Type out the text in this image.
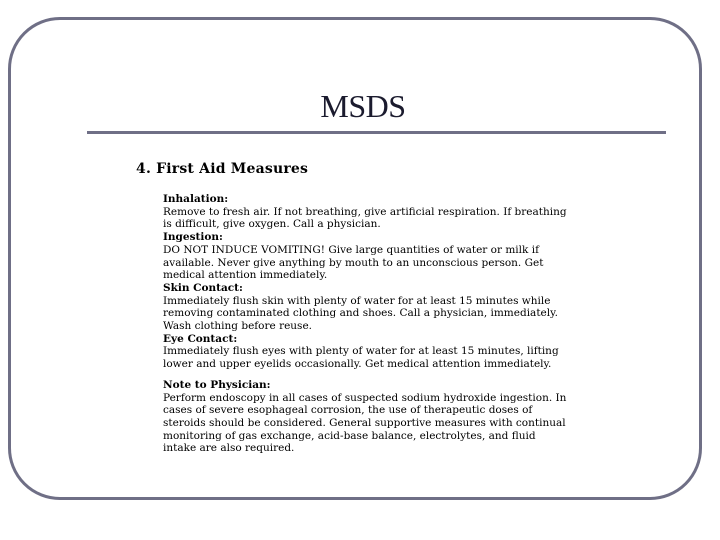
MSDS
4. First Aid Measures
Inhalation:
Remove to fresh air. If not breathing, give artificial respiration. If breathing
is difficult, give oxygen. Call a physician.
Ingestion:
DO NOT INDUCE VOMITING! Give large quantities of water or milk if
available. Never give anything by mouth to an unconscious person. Get
medical attention immediately.
Skin Contact:
Immediately flush skin with plenty of water for at least 15 minutes while
removing contaminated clothing and shoes. Call a physician, immediately.
Wash clothing before reuse.
Eye Contact:
Immediately flush eyes with plenty of water for at least 15 minutes, lifting
lower and upper eyelids occasionally. Get medical attention immediately.
Note to Physician:
Perform endoscopy in all cases of suspected sodium hydroxide ingestion. In
cases of severe esophageal corrosion, the use of therapeutic doses of
steroids should be considered. General supportive measures with continual
monitoring of gas exchange, acid-base balance, electrolytes, and fluid
intake are also required.
